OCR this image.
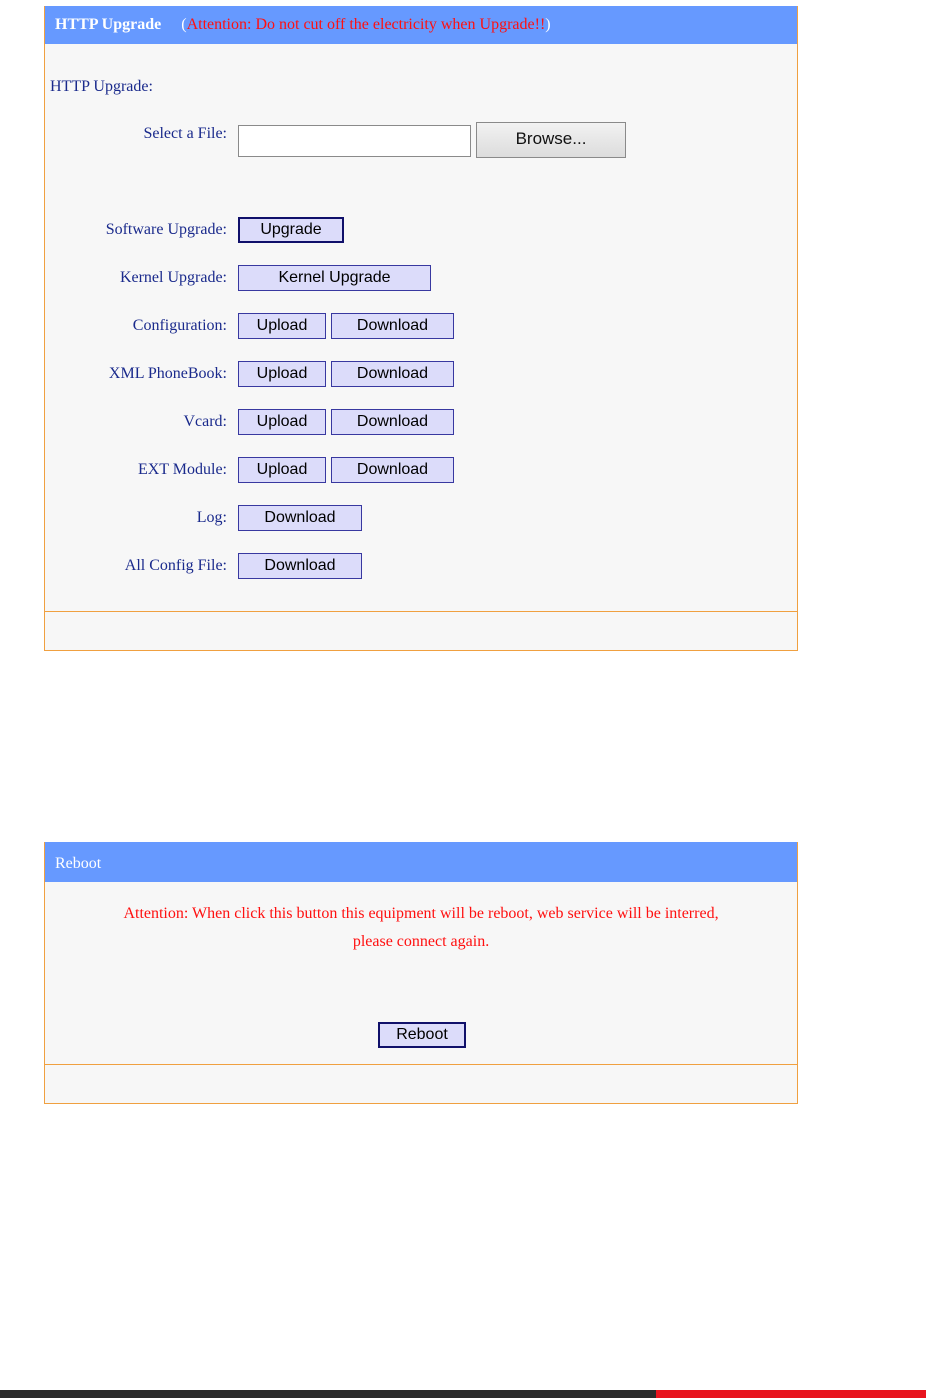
HTTP Upgrade (Attention: Do not cut off the electricity when Upgrade!!)
HTTP Upgrade:
Select a File:	Browse...
Software Upgrade:	Upgrade
Kernel Upgrade:	Kernel Upgrade
Configuration:	Upload	Download
XML PhoneBook:	Upload	Download
Vcard:	Upload	Download
EXT Module:	Upload	Download
Log:	Download
All Config File:	Download
Reboot
Attention: When click this button this equipment will be reboot, web service will be interred,
please connect again.
Reboot
